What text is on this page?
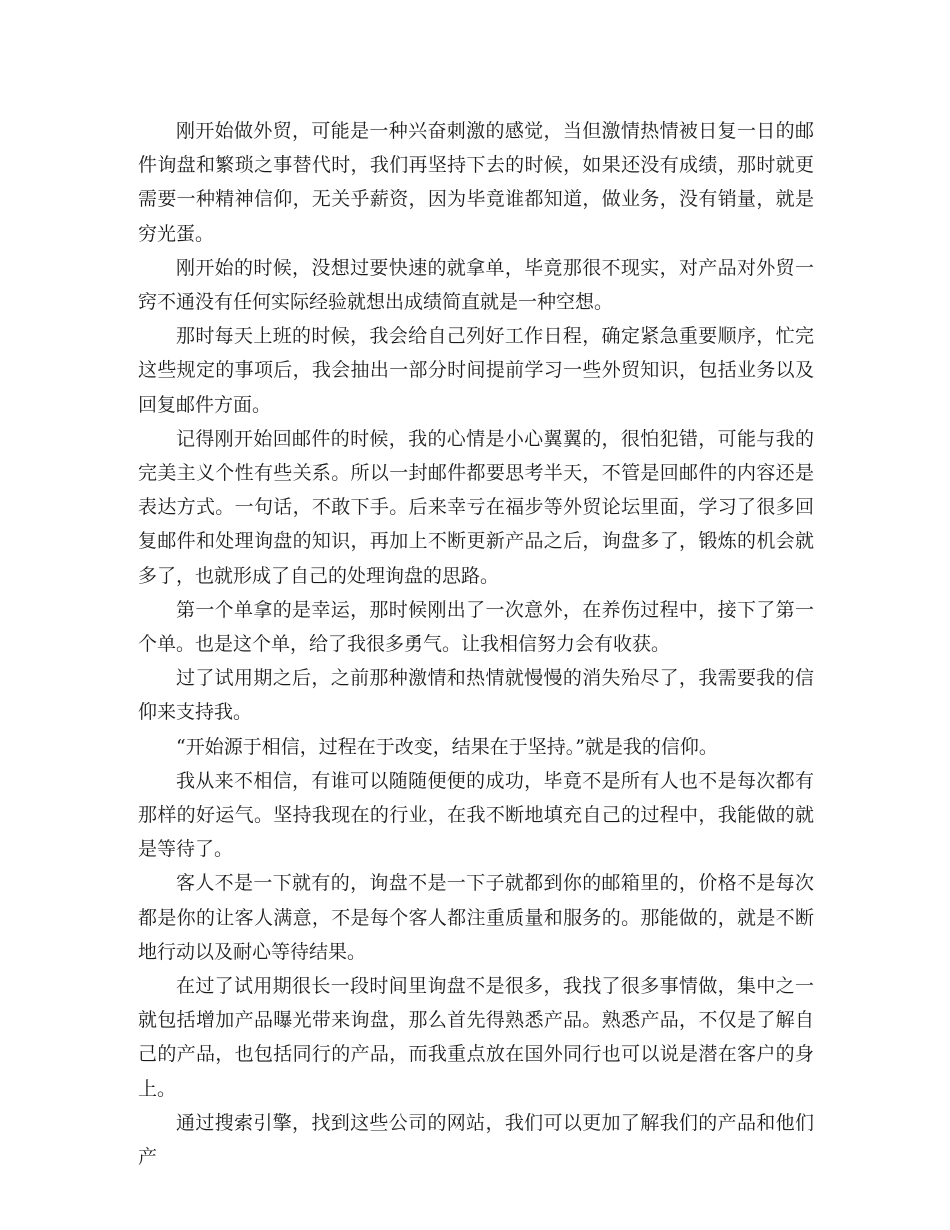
刚开始做外贸，可能是一种兴奋刺激的感觉，当但激情热情被日复一日的邮件询盘和繁琐之事替代时，我们再坚持下去的时候，如果还没有成绩，那时就更需要一种精神信仰，无关乎薪资，因为毕竟谁都知道，做业务，没有销量，就是穷光蛋。

刚开始的时候，没想过要快速的就拿单，毕竟那很不现实，对产品对外贸一窍不通没有任何实际经验就想出成绩简直就是一种空想。

那时每天上班的时候，我会给自己列好工作日程，确定紧急重要顺序，忙完这些规定的事项后，我会抽出一部分时间提前学习一些外贸知识，包括业务以及回复邮件方面。

记得刚开始回邮件的时候，我的心情是小心翼翼的，很怕犯错，可能与我的完美主义个性有些关系。所以一封邮件都要思考半天，不管是回邮件的内容还是表达方式。一句话，不敢下手。后来幸亏在福步等外贸论坛里面，学习了很多回复邮件和处理询盘的知识，再加上不断更新产品之后，询盘多了，锻炼的机会就多了，也就形成了自己的处理询盘的思路。

第一个单拿的是幸运，那时候刚出了一次意外，在养伤过程中，接下了第一个单。也是这个单，给了我很多勇气。让我相信努力会有收获。

过了试用期之后，之前那种激情和热情就慢慢的消失殆尽了，我需要我的信仰来支持我。

“开始源于相信，过程在于改变，结果在于坚持。”就是我的信仰。

我从来不相信，有谁可以随随便便的成功，毕竟不是所有人也不是每次都有那样的好运气。坚持我现在的行业，在我不断地填充自己的过程中，我能做的就是等待了。

客人不是一下就有的，询盘不是一下子就都到你的邮箱里的，价格不是每次都是你的让客人满意，不是每个客人都注重质量和服务的。那能做的，就是不断地行动以及耐心等待结果。

在过了试用期很长一段时间里询盘不是很多，我找了很多事情做，集中之一就包括增加产品曝光带来询盘，那么首先得熟悉产品。熟悉产品，不仅是了解自己的产品，也包括同行的产品，而我重点放在国外同行也可以说是潜在客户的身上。

通过搜索引擎，找到这些公司的网站，我们可以更加了解我们的产品和他们产
